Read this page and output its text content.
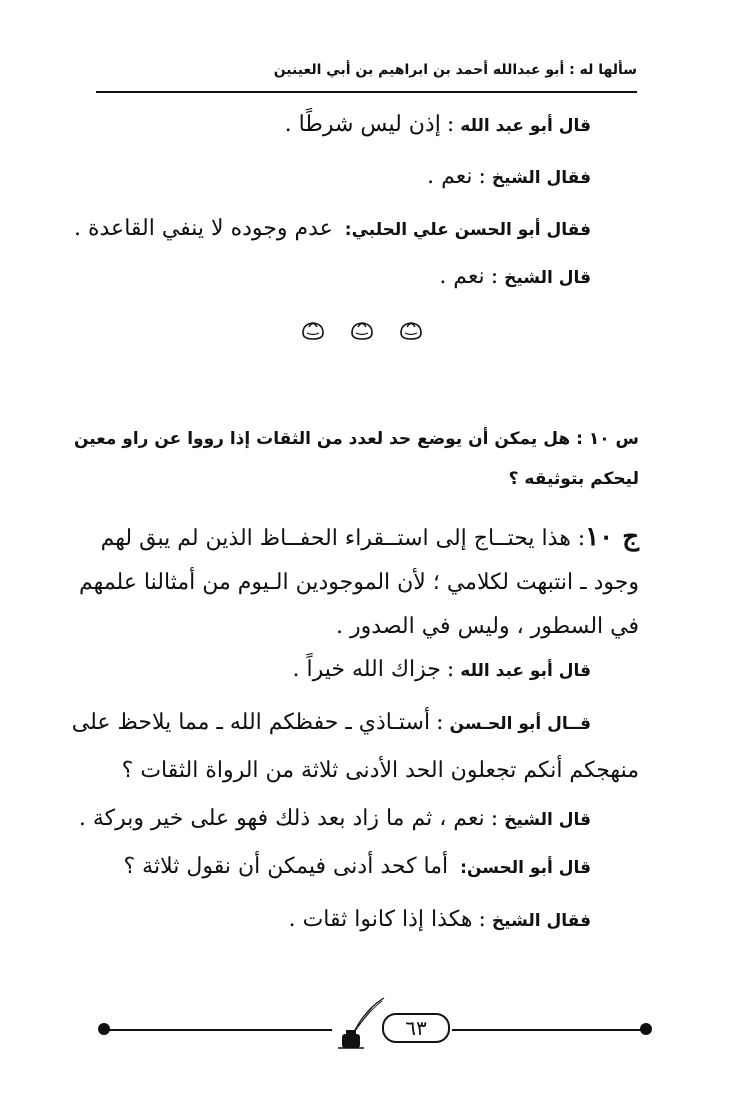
سألها له : أبو عبدالله أحمد بن ابراهيم بن أبي العينين
قال أبو عبد الله:إذن ليس شرطًا .
فقال الشيخ:نعم .
فقال أبو الحسن علي الحلبي:عدم وجوده لا ينفي القاعدة .
قال الشيخ:نعم .
س ١٠ : هل يمكن أن يوضع حد لعدد من الثقات إذا رووا عن راو معين
ليحكم بتوثيقه ؟
ج ١٠: هذا يحتــاج إلى استــقراء الحفــاظ الذين لم يبق لهم
وجود ـ انتبهت لكلامي ؛ لأن الموجودين الـيوم من أمثالنا علمهم
في السطور ، وليس في الصدور .
قال أبو عبد الله:جزاك الله خيراً .
قــال أبو الحـسن:أستـاذي ـ حفظكم الله ـ مما يلاحظ على
منهجكم أنكم تجعلون الحد الأدنى ثلاثة من الرواة الثقات ؟
قال الشيخ:نعم ، ثم ما زاد بعد ذلك فهو على خير وبركة .
قال أبو الحسن:أما كحد أدنى فيمكن أن نقول ثلاثة ؟
فقال الشيخ:هكذا إذا كانوا ثقات .
٦٣
